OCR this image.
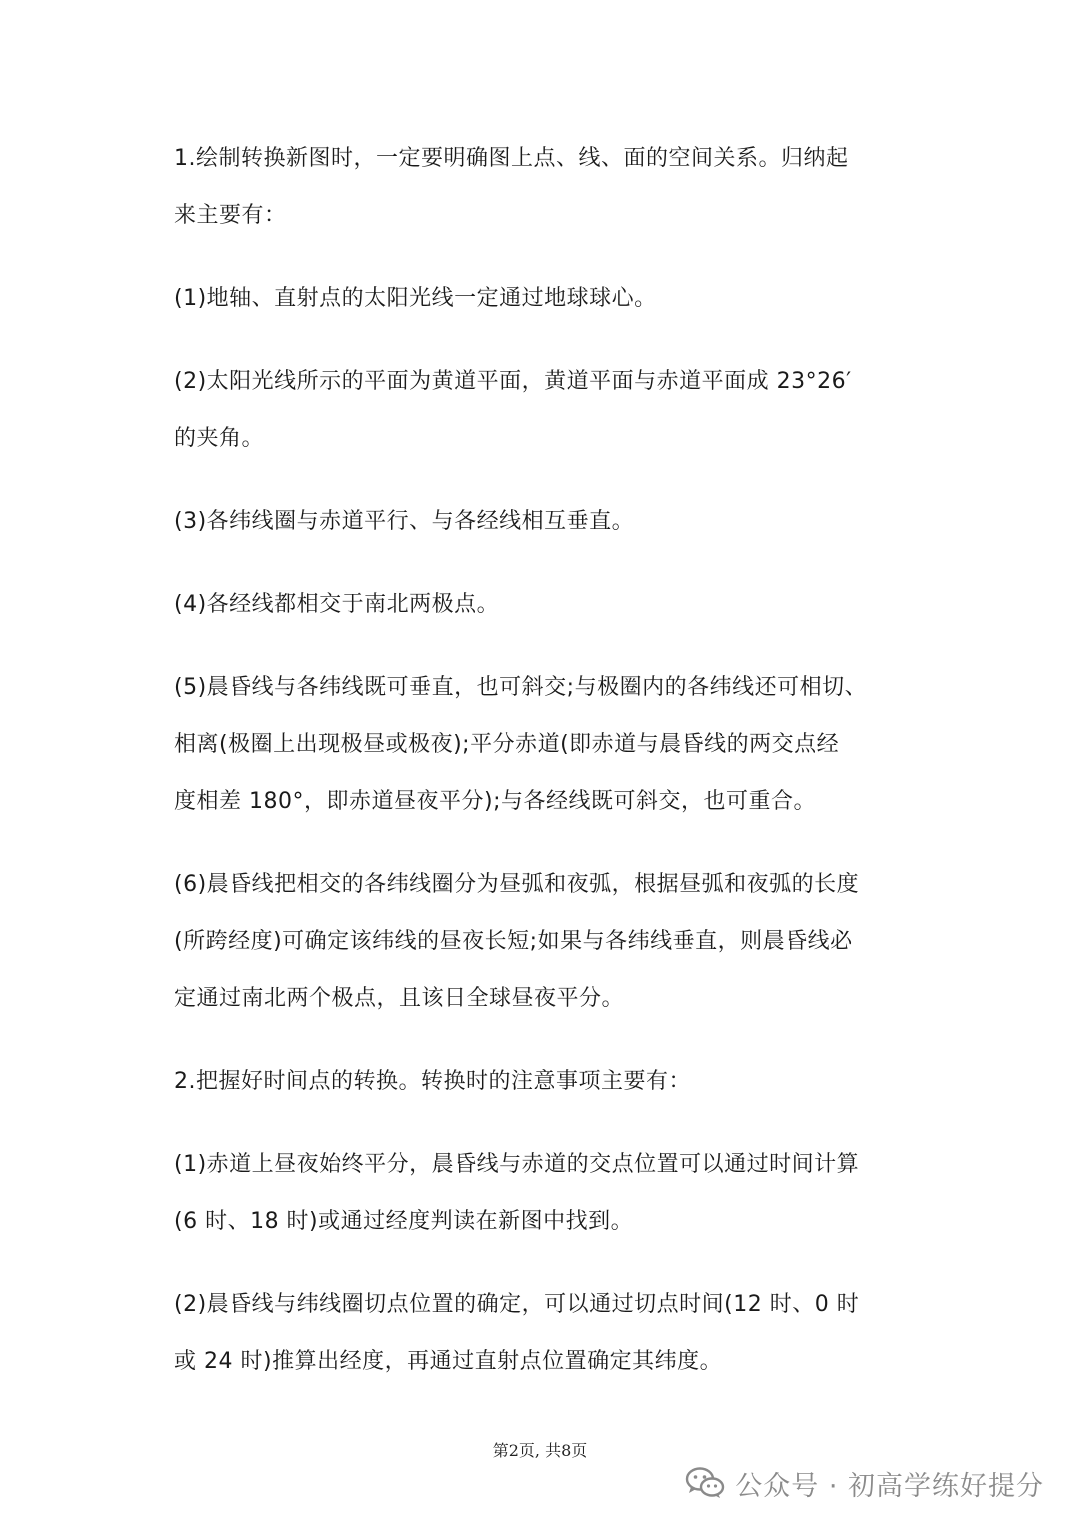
1.绘制转换新图时，一定要明确图上点、线、面的空间关系。归纳起
来主要有：

(1)地轴、直射点的太阳光线一定通过地球球心。

(2)太阳光线所示的平面为黄道平面，黄道平面与赤道平面成 23°26′
的夹角。

(3)各纬线圈与赤道平行、与各经线相互垂直。

(4)各经线都相交于南北两极点。

(5)晨昏线与各纬线既可垂直，也可斜交;与极圈内的各纬线还可相切、
相离(极圈上出现极昼或极夜);平分赤道(即赤道与晨昏线的两交点经
度相差 180°，即赤道昼夜平分);与各经线既可斜交，也可重合。

(6)晨昏线把相交的各纬线圈分为昼弧和夜弧，根据昼弧和夜弧的长度
(所跨经度)可确定该纬线的昼夜长短;如果与各纬线垂直，则晨昏线必
定通过南北两个极点，且该日全球昼夜平分。

2.把握好时间点的转换。转换时的注意事项主要有：

(1)赤道上昼夜始终平分，晨昏线与赤道的交点位置可以通过时间计算
(6 时、18 时)或通过经度判读在新图中找到。

(2)晨昏线与纬线圈切点位置的确定，可以通过切点时间(12 时、0 时
或 24 时)推算出经度，再通过直射点位置确定其纬度。

第2页, 共8页
公众号 · 初高学练好提分
